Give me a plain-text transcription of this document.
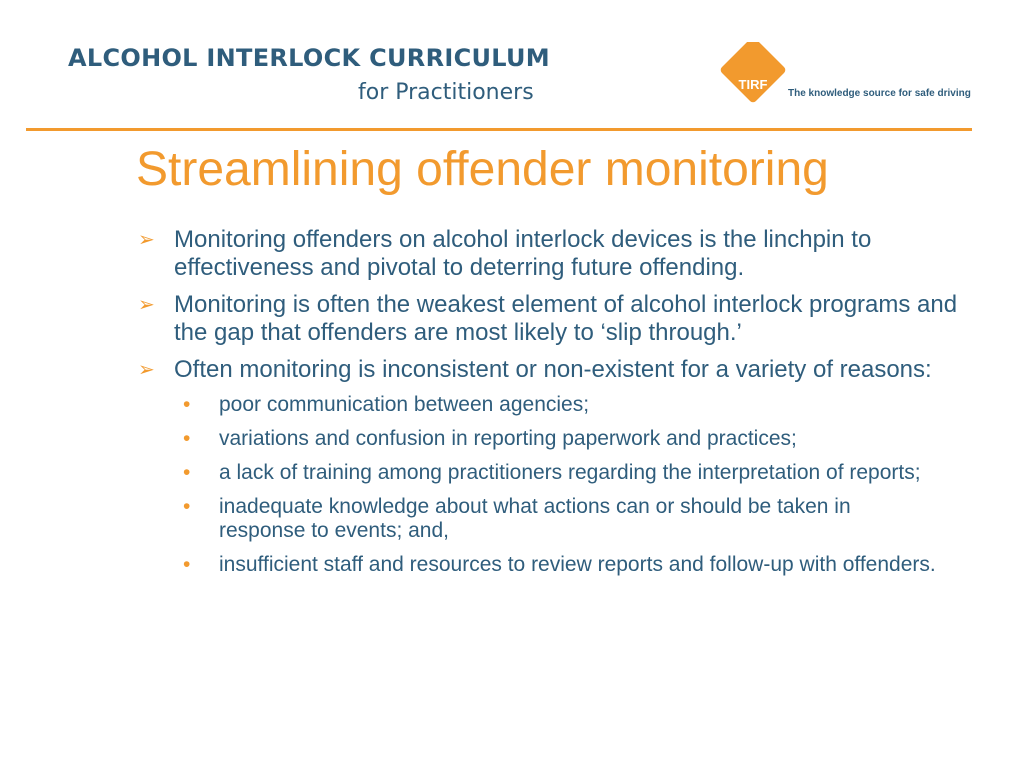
ALCOHOL INTERLOCK CURRICULUM
for Practitioners	TIRF
The knowledge source for safe driving
Streamlining offender monitoring
➢ Monitoring offenders on alcohol interlock devices is the linchpin to effectiveness and pivotal to deterring future offending.
➢ Monitoring is often the weakest element of alcohol interlock programs and the gap that offenders are most likely to ‘slip through.’
➢ Often monitoring is inconsistent or non-existent for a variety of reasons:
• poor communication between agencies;
• variations and confusion in reporting paperwork and practices;
• a lack of training among practitioners regarding the interpretation of reports;
• inadequate knowledge about what actions can or should be taken in response to events; and,
• insufficient staff and resources to review reports and follow-up with offenders.
